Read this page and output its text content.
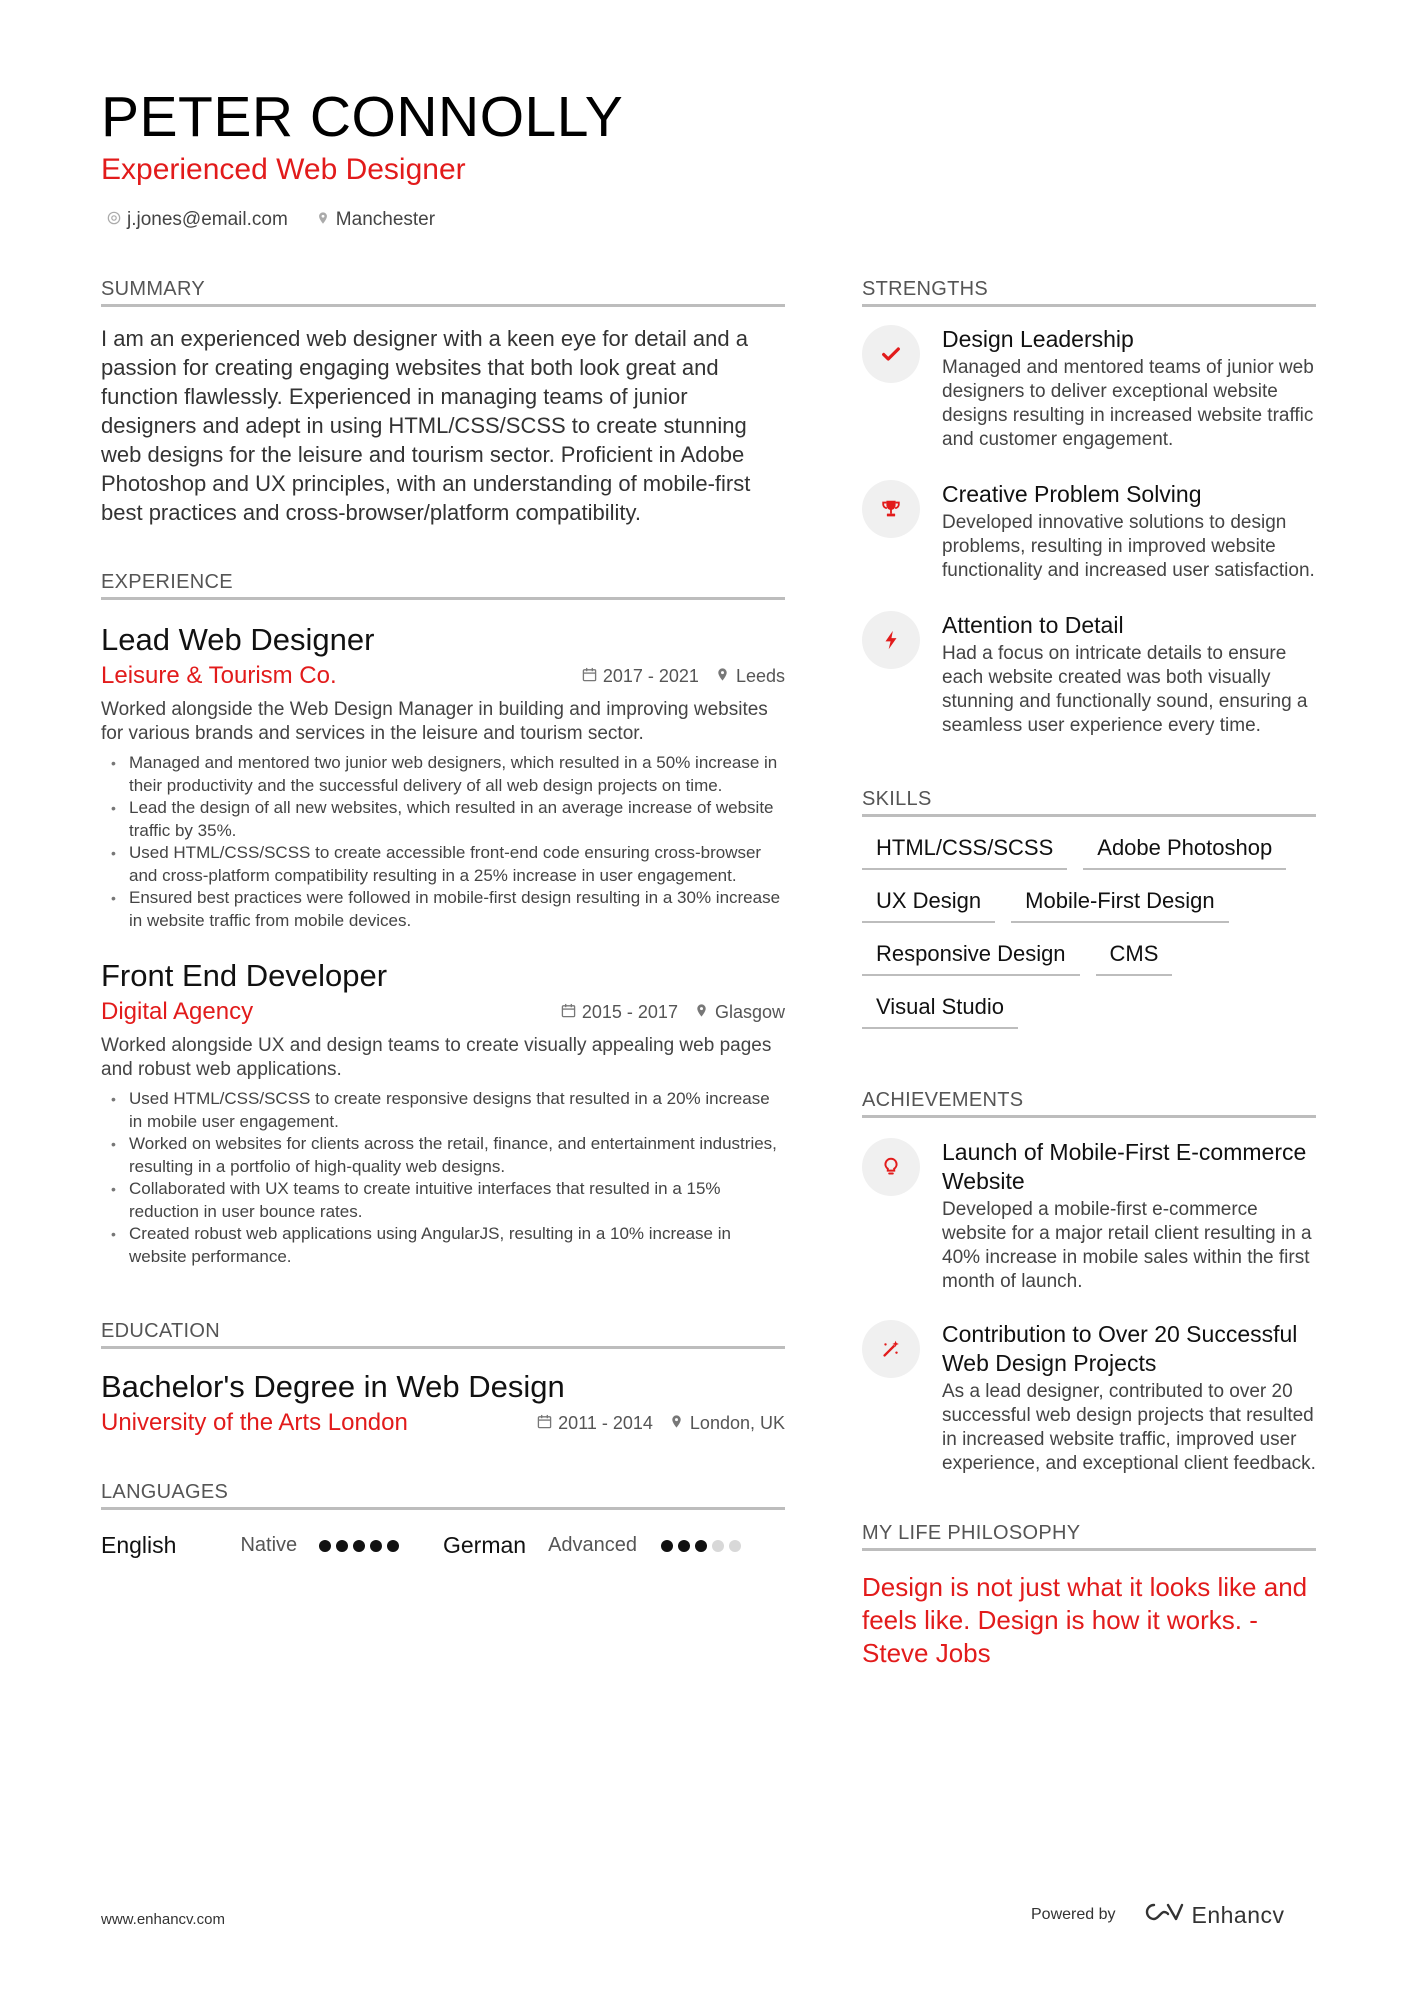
PETER CONNOLLY
Experienced Web Designer
j.jones@email.com	Manchester
SUMMARY
I am an experienced web designer with a keen eye for detail and a passion for creating engaging websites that both look great and function flawlessly. Experienced in managing teams of junior designers and adept in using HTML/CSS/SCSS to create stunning web designs for the leisure and tourism sector. Proficient in Adobe Photoshop and UX principles, with an understanding of mobile-first best practices and cross-browser/platform compatibility.
EXPERIENCE
Lead Web Designer
Leisure & Tourism Co.	2017 - 2021 Leeds
Worked alongside the Web Design Manager in building and improving websites for various brands and services in the leisure and tourism sector.
• Managed and mentored two junior web designers, which resulted in a 50% increase in their productivity and the successful delivery of all web design projects on time.
• Lead the design of all new websites, which resulted in an average increase of website traffic by 35%.
• Used HTML/CSS/SCSS to create accessible front-end code ensuring cross-browser and cross-platform compatibility resulting in a 25% increase in user engagement.
• Ensured best practices were followed in mobile-first design resulting in a 30% increase in website traffic from mobile devices.
Front End Developer
Digital Agency	2015 - 2017 Glasgow
Worked alongside UX and design teams to create visually appealing web pages and robust web applications.
• Used HTML/CSS/SCSS to create responsive designs that resulted in a 20% increase in mobile user engagement.
• Worked on websites for clients across the retail, finance, and entertainment industries, resulting in a portfolio of high-quality web designs.
• Collaborated with UX teams to create intuitive interfaces that resulted in a 15% reduction in user bounce rates.
• Created robust web applications using AngularJS, resulting in a 10% increase in website performance.
EDUCATION
Bachelor's Degree in Web Design
University of the Arts London	2011 - 2014 London, UK
LANGUAGES
English	Native	German	Advanced
STRENGTHS
Design Leadership
Managed and mentored teams of junior web designers to deliver exceptional website designs resulting in increased website traffic and customer engagement.
Creative Problem Solving
Developed innovative solutions to design problems, resulting in improved website functionality and increased user satisfaction.
Attention to Detail
Had a focus on intricate details to ensure each website created was both visually stunning and functionally sound, ensuring a seamless user experience every time.
SKILLS
HTML/CSS/SCSS	Adobe Photoshop
UX Design	Mobile-First Design
Responsive Design	CMS
Visual Studio
ACHIEVEMENTS
Launch of Mobile-First E-commerce Website
Developed a mobile-first e-commerce website for a major retail client resulting in a 40% increase in mobile sales within the first month of launch.
Contribution to Over 20 Successful Web Design Projects
As a lead designer, contributed to over 20 successful web design projects that resulted in increased website traffic, improved user experience, and exceptional client feedback.
MY LIFE PHILOSOPHY
Design is not just what it looks like and feels like. Design is how it works. - Steve Jobs
www.enhancv.com	Powered by	Enhancv
